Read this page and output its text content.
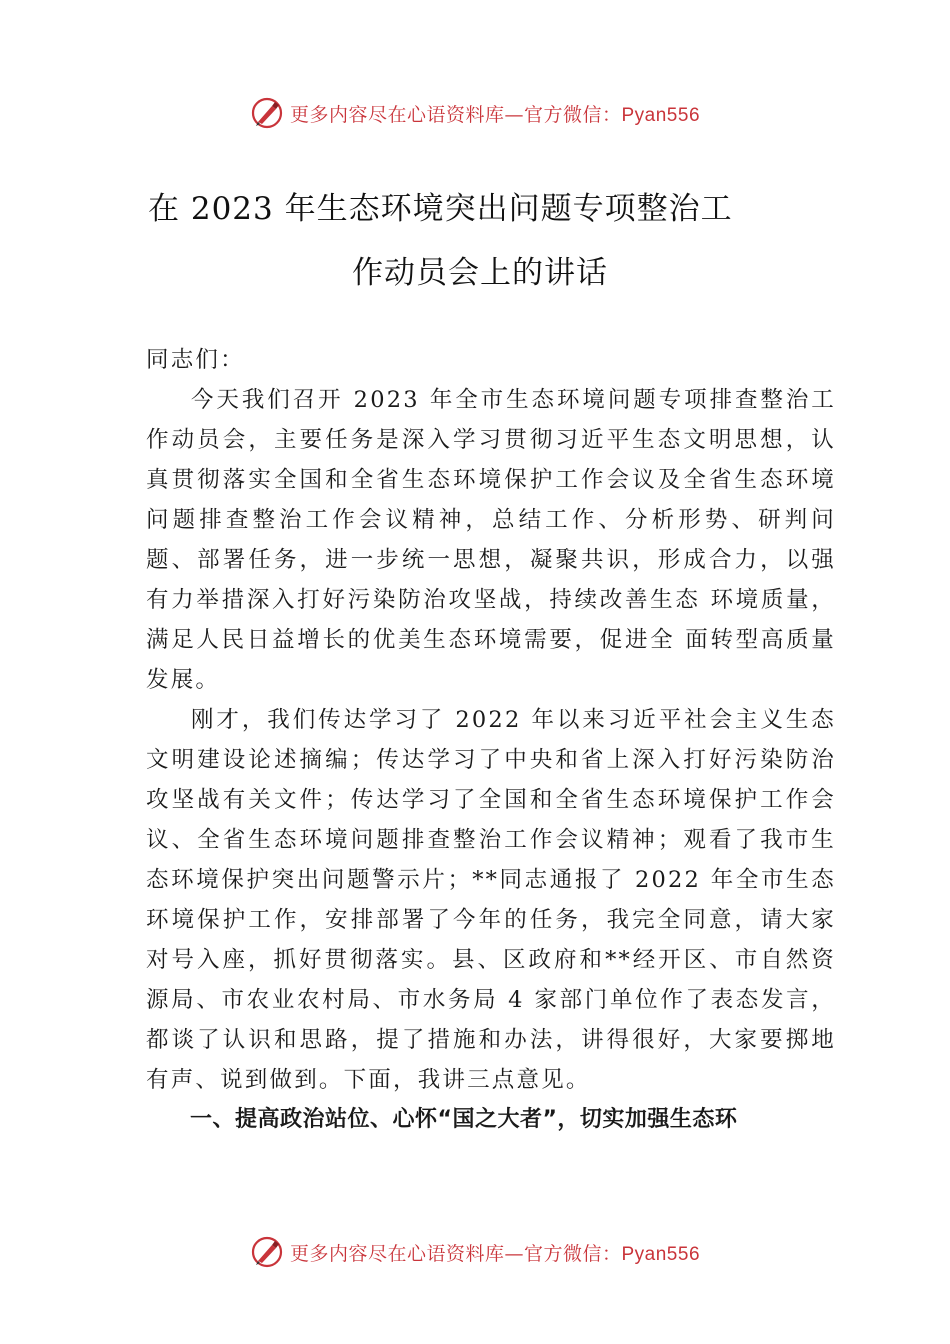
更多内容尽在心语资料库—官方微信：Pyan556
在 2023 年生态环境突出问题专项整治工
作动员会上的讲话

同志们：

今天我们召开 2023 年全市生态环境问题专项排查整治工作动员会，主要任务是深入学习贯彻习近平生态文明思想，认真贯彻落实全国和全省生态环境保护工作会议及全省生态环境问题排查整治工作会议精神，总结工作、分析形势、研判问题、部署任务，进一步统一思想，凝聚共识，形成合力，以强有力举措深入打好污染防治攻坚战，持续改善生态 环境质量，满足人民日益增长的优美生态环境需要，促进全 面转型高质量发展。

刚才，我们传达学习了 2022 年以来习近平社会主义生态文明建设论述摘编；传达学习了中央和省上深入打好污染防治攻坚战有关文件；传达学习了全国和全省生态环境保护工作会议、全省生态环境问题排查整治工作会议精神；观看了我市生态环境保护突出问题警示片；**同志通报了 2022 年全市生态环境保护工作，安排部署了今年的任务，我完全同意，请大家对号入座，抓好贯彻落实。县、区政府和**经开区、市自然资源局、市农业农村局、市水务局 4 家部门单位作了表态发言，都谈了认识和思路，提了措施和办法，讲得很好，大家要掷地有声、说到做到。下面，我讲三点意见。

一、提高政治站位、心怀“国之大者”，切实加强生态环

更多内容尽在心语资料库—官方微信：Pyan556
